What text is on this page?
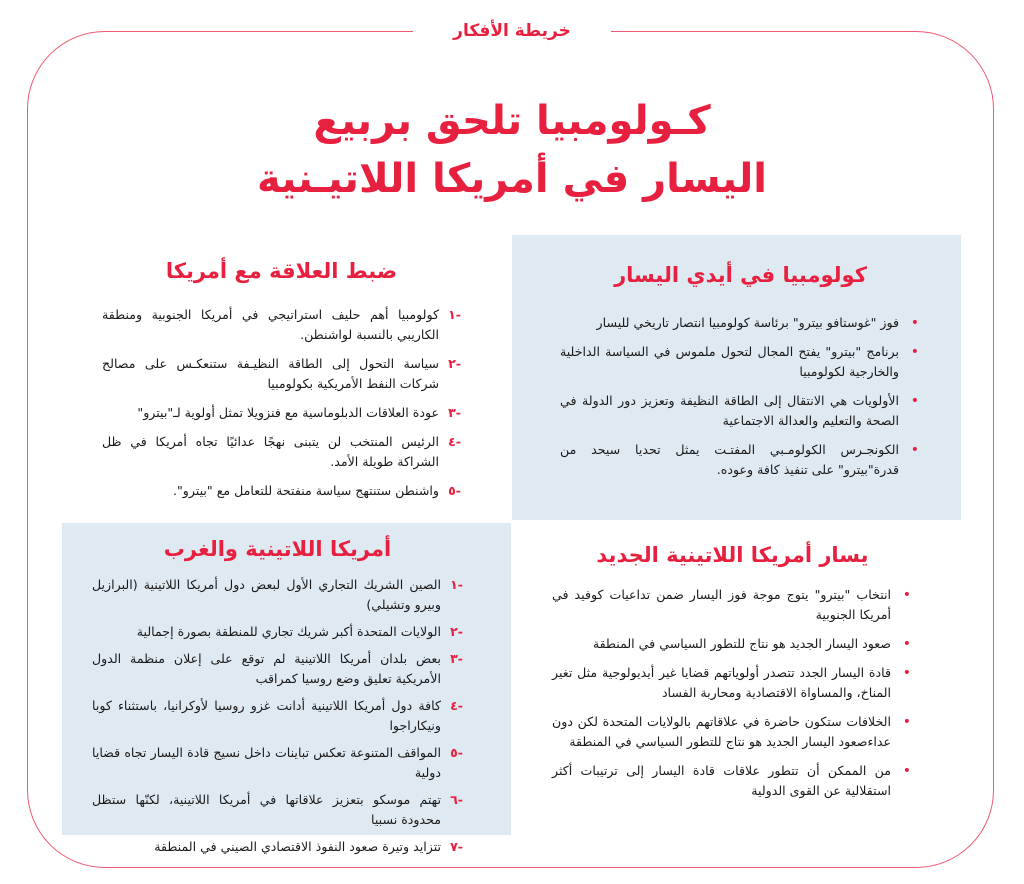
خريطة الأفكار
كـولومبيا تلحق بربيع
اليسار في أمريكا اللاتيـنية
كولومبيا في أيدي اليسار
•
فوز "غوستافو بيترو" برئاسة كولومبيا انتصار تاريخي لليسار
•
برنامج "بيترو" يفتح المجال لتحول ملموس في السياسة الداخلية والخارجية لكولومبيا
•
الأولويات هي الانتقال إلى الطاقة النظيفة وتعزيز دور الدولة في الصحة والتعليم والعدالة الاجتماعية
•
الكونجـرس الكولومـبي المفتـت يمثل تحديا سيحد من قدرة"بيترو" على تنفيذ كافة وعوده.
ضبط العلاقة مع أمريكا
-١
كولومبيا أهم حليف استراتيجي في أمريكا الجنوبية ومنطقة الكاريبي بالنسبة لواشنطن.
-٢
سياسة التحول إلى الطاقة النظيـفة ستنعكـس على مصالح شركات النفط الأمريكية بكولومبيا
-٣
عودة العلاقات الدبلوماسية مع فنزويلا تمثل أولوية لـ"بيترو"
-٤
الرئيس المنتخب لن يتبنى نهجًا عدائيًا تجاه أمريكا في ظل الشراكة طويلة الأمد.
-٥
واشنطن ستنتهج سياسة منفتحة للتعامل مع "بيترو".
يسار أمريكا اللاتينية الجديد
•
انتخاب "بيترو" يتوج موجة فوز اليسار ضمن تداعيات كوفيد في أمريكا الجنوبية
•
صعود اليسار الجديد هو نتاج للتطور السياسي في المنطقة
•
قادة اليسار الجدد تتصدر أولوياتهم قضايا غير أيديولوجية مثل تغير المناخ، والمساواة الاقتصادية ومحاربة الفساد
•
الخلافات ستكون حاضرة في علاقاتهم بالولايات المتحدة لكن دون عداءصعود اليسار الجديد هو نتاج للتطور السياسي في المنطقة
•
من الممكن أن تتطور علاقات قادة اليسار إلى ترتيبات أكثر استقلالية عن القوى الدولية
أمريكا اللاتينية والغرب
-١
الصين الشريك التجاري الأول لبعض دول أمريكا اللاتينية (البرازيل وبيرو وتشيلي)
-٢
الولايات المتحدة أكبر شريك تجاري للمنطقة بصورة إجمالية
-٣
بعض بلدان أمريكا اللاتينية لم توقع على إعلان منظمة الدول الأمريكية تعليق وضع روسيا كمراقب
-٤
كافة دول أمريكا اللاتينية أدانت غزو روسيا لأوكرانيا، باستثناء كوبا ونيكاراجوا
-٥
المواقف المتنوعة تعكس تباينات داخل نسيج قادة اليسار تجاه قضايا دولية
-٦
تهتم موسكو بتعزيز علاقاتها في أمريكا اللاتينية، لكنّها ستظل محدودة نسبيا
-٧
تتزايد وتيرة صعود النفوذ الاقتصادي الصيني في المنطقة
